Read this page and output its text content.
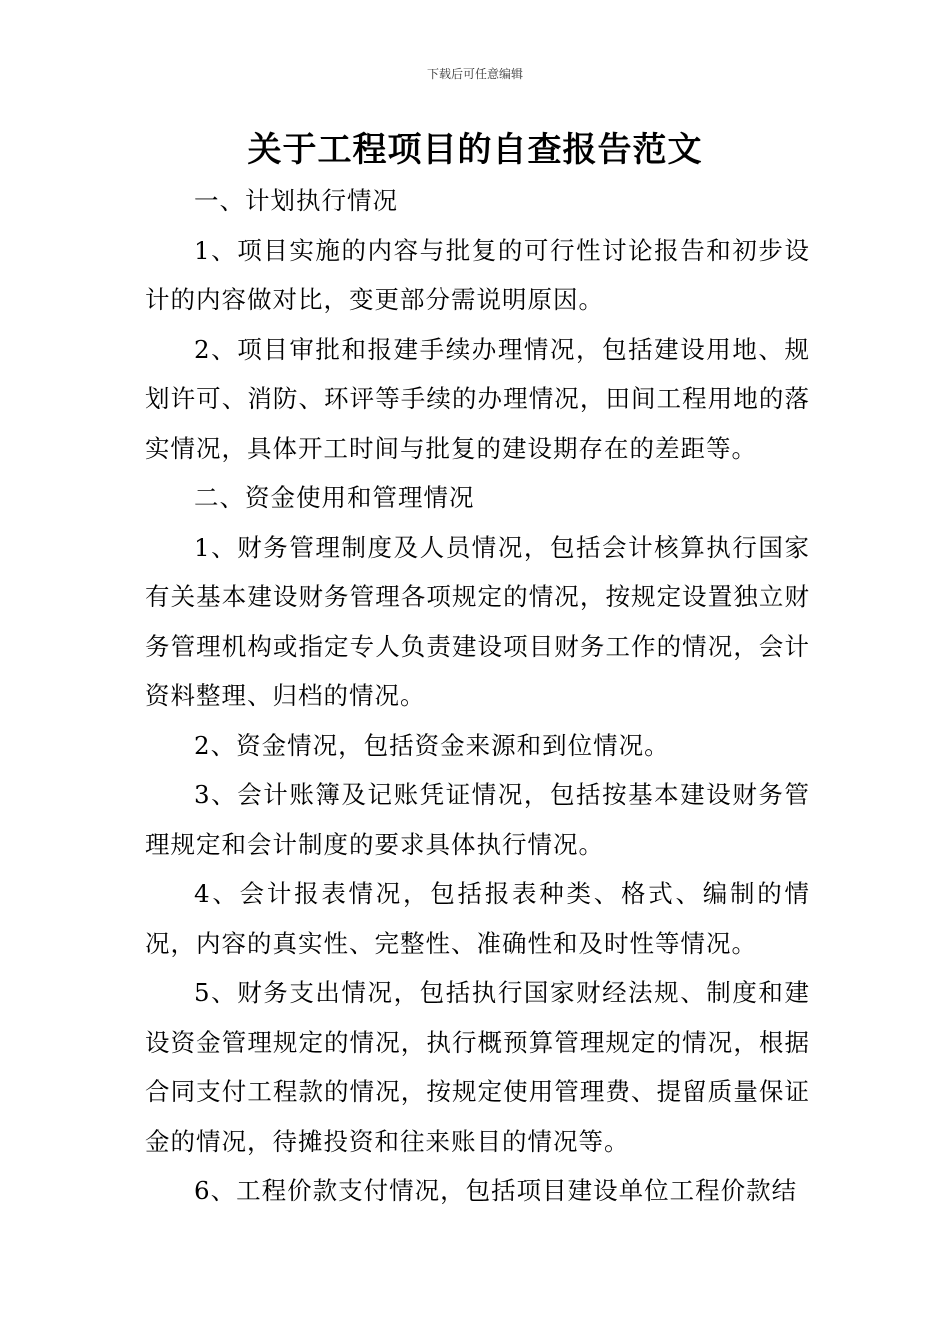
下载后可任意编辑
关于工程项目的自查报告范文

一、计划执行情况

1、项目实施的内容与批复的可行性讨论报告和初步设计的内容做对比，变更部分需说明原因。

2、项目审批和报建手续办理情况，包括建设用地、规划许可、消防、环评等手续的办理情况，田间工程用地的落实情况，具体开工时间与批复的建设期存在的差距等。

二、资金使用和管理情况

1、财务管理制度及人员情况，包括会计核算执行国家有关基本建设财务管理各项规定的情况，按规定设置独立财务管理机构或指定专人负责建设项目财务工作的情况，会计资料整理、归档的情况。

2、资金情况，包括资金来源和到位情况。

3、会计账簿及记账凭证情况，包括按基本建设财务管理规定和会计制度的要求具体执行情况。

4、会计报表情况，包括报表种类、格式、编制的情况，内容的真实性、完整性、准确性和及时性等情况。

5、财务支出情况，包括执行国家财经法规、制度和建设资金管理规定的情况，执行概预算管理规定的情况，根据合同支付工程款的情况，按规定使用管理费、提留质量保证金的情况，待摊投资和往来账目的情况等。

6、工程价款支付情况，包括项目建设单位工程价款结
